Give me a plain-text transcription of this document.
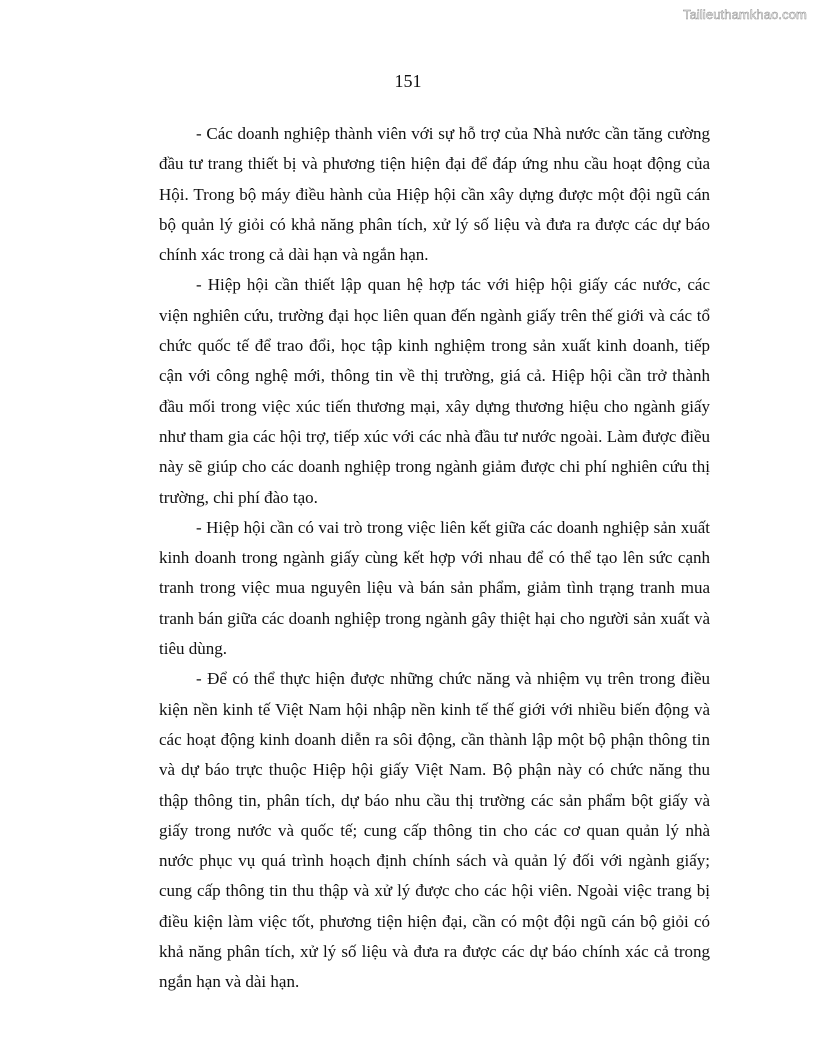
Tailieuthamkhao.com
151

- Các doanh nghiệp thành viên với sự hỗ trợ của Nhà nước cần tăng cường đầu tư trang thiết bị và phương tiện hiện đại để đáp ứng nhu cầu hoạt động của Hội. Trong bộ máy điều hành của Hiệp hội cần xây dựng được một đội ngũ cán bộ quản lý giỏi có khả năng phân tích, xử lý số liệu và đưa ra được các dự báo chính xác trong cả dài hạn và ngắn hạn.

- Hiệp hội cần thiết lập quan hệ hợp tác với hiệp hội giấy các nước, các viện nghiên cứu, trường đại học liên quan đến ngành giấy trên thế giới và các tổ chức quốc tế để trao đổi, học tập kinh nghiệm trong sản xuất kinh doanh, tiếp cận với công nghệ mới, thông tin về thị trường, giá cả. Hiệp hội cần trở thành đầu mối trong việc xúc tiến thương mại, xây dựng thương hiệu cho ngành giấy như tham gia các hội trợ, tiếp xúc với các nhà đầu tư nước ngoài. Làm được điều này sẽ giúp cho các doanh nghiệp trong ngành giảm được chi phí nghiên cứu thị trường, chi phí đào tạo.

- Hiệp hội cần có vai trò trong việc liên kết giữa các doanh nghiệp sản xuất kinh doanh trong ngành giấy cùng kết hợp với nhau để có thể tạo lên sức cạnh tranh trong việc mua nguyên liệu và bán sản phẩm, giảm tình trạng tranh mua tranh bán giữa các doanh nghiệp trong ngành gây thiệt hại cho người sản xuất và tiêu dùng.

- Để có thể thực hiện được những chức năng và nhiệm vụ trên trong điều kiện nền kinh tế Việt Nam hội nhập nền kinh tế thế giới với nhiều biến động và các hoạt động kinh doanh diễn ra sôi động, cần thành lập một bộ phận thông tin và dự báo trực thuộc Hiệp hội giấy Việt Nam. Bộ phận này có chức năng thu thập thông tin, phân tích, dự báo nhu cầu thị trường các sản phẩm bột giấy và giấy trong nước và quốc tế; cung cấp thông tin cho các cơ quan quản lý nhà nước phục vụ quá trình hoạch định chính sách và quản lý đối với ngành giấy; cung cấp thông tin thu thập và xử lý được cho các hội viên. Ngoài việc trang bị điều kiện làm việc tốt, phương tiện hiện đại, cần có một đội ngũ cán bộ giỏi có khả năng phân tích, xử lý số liệu và đưa ra được các dự báo chính xác cả trong ngắn hạn và dài hạn.
